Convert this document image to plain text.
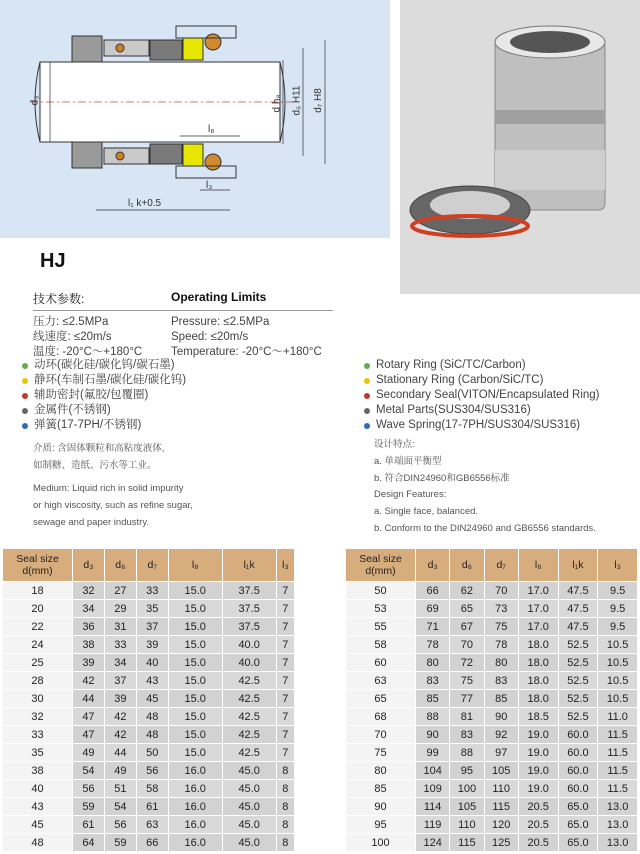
d₃	d h₈ d₆ H11 d₇ H8
l₈
l₃
l₁ k+0.5
HJ
技术参数:	Operating Limits
压力: ≤2.5MPa	Pressure: ≤2.5MPa
线速度: ≤20m/s	Speed: ≤20m/s
温度: -20°C～+180°C	Temperature: -20°C～+180°C
动环(碳化硅/碳化钨/碳石墨)
静环(车制石墨/碳化硅/碳化钨)
辅助密封(氟胶/包覆圈)
金属件(不锈钢)
弹簧(17-7PH/不锈钢)
Rotary Ring (SiC/TC/Carbon)
Stationary Ring (Carbon/SiC/TC)
Secondary Seal(VITON/Encapsulated Ring)
Metal Parts(SUS304/SUS316)
Wave Spring(17-7PH/SUS304/SUS316)
介质: 含固体颗粒和高粘度液体,
如制糖、造纸、污水等工业。
Medium: Liquid rich in solid impurity
or high viscosity, such as refine sugar,
sewage and paper industry.
设计特点:
a. 单端面平衡型
b. 符合DIN24960和GB6556标准
Design Features:
a. Single face, balanced.
b. Conform to the DIN24960 and GB6556 standards.
Seal size d(mm)	d₃	d₆	d₇	l₈	l₁k	l₃
18	32	27	33	15.0	37.5	7
20	34	29	35	15.0	37.5	7
22	36	31	37	15.0	37.5	7
24	38	33	39	15.0	40.0	7
25	39	34	40	15.0	40.0	7
28	42	37	43	15.0	42.5	7
30	44	39	45	15.0	42.5	7
32	47	42	48	15.0	42.5	7
33	47	42	48	15.0	42.5	7
35	49	44	50	15.0	42.5	7
38	54	49	56	16.0	45.0	8
40	56	51	58	16.0	45.0	8
43	59	54	61	16.0	45.0	8
45	61	56	63	16.0	45.0	8
48	64	59	66	16.0	45.0	8
Seal size d(mm)	d₃	d₆	d₇	l₈	l₁k	l₃
50	66	62	70	17.0	47.5	9.5
53	69	65	73	17.0	47.5	9.5
55	71	67	75	17.0	47.5	9.5
58	78	70	78	18.0	52.5	10.5
60	80	72	80	18.0	52.5	10.5
63	83	75	83	18.0	52.5	10.5
65	85	77	85	18.0	52.5	10.5
68	88	81	90	18.5	52.5	11.0
70	90	83	92	19.0	60.0	11.5
75	99	88	97	19.0	60.0	11.5
80	104	95	105	19.0	60.0	11.5
85	109	100	110	19.0	60.0	11.5
90	114	105	115	20.5	65.0	13.0
95	119	110	120	20.5	65.0	13.0
100	124	115	125	20.5	65.0	13.0
